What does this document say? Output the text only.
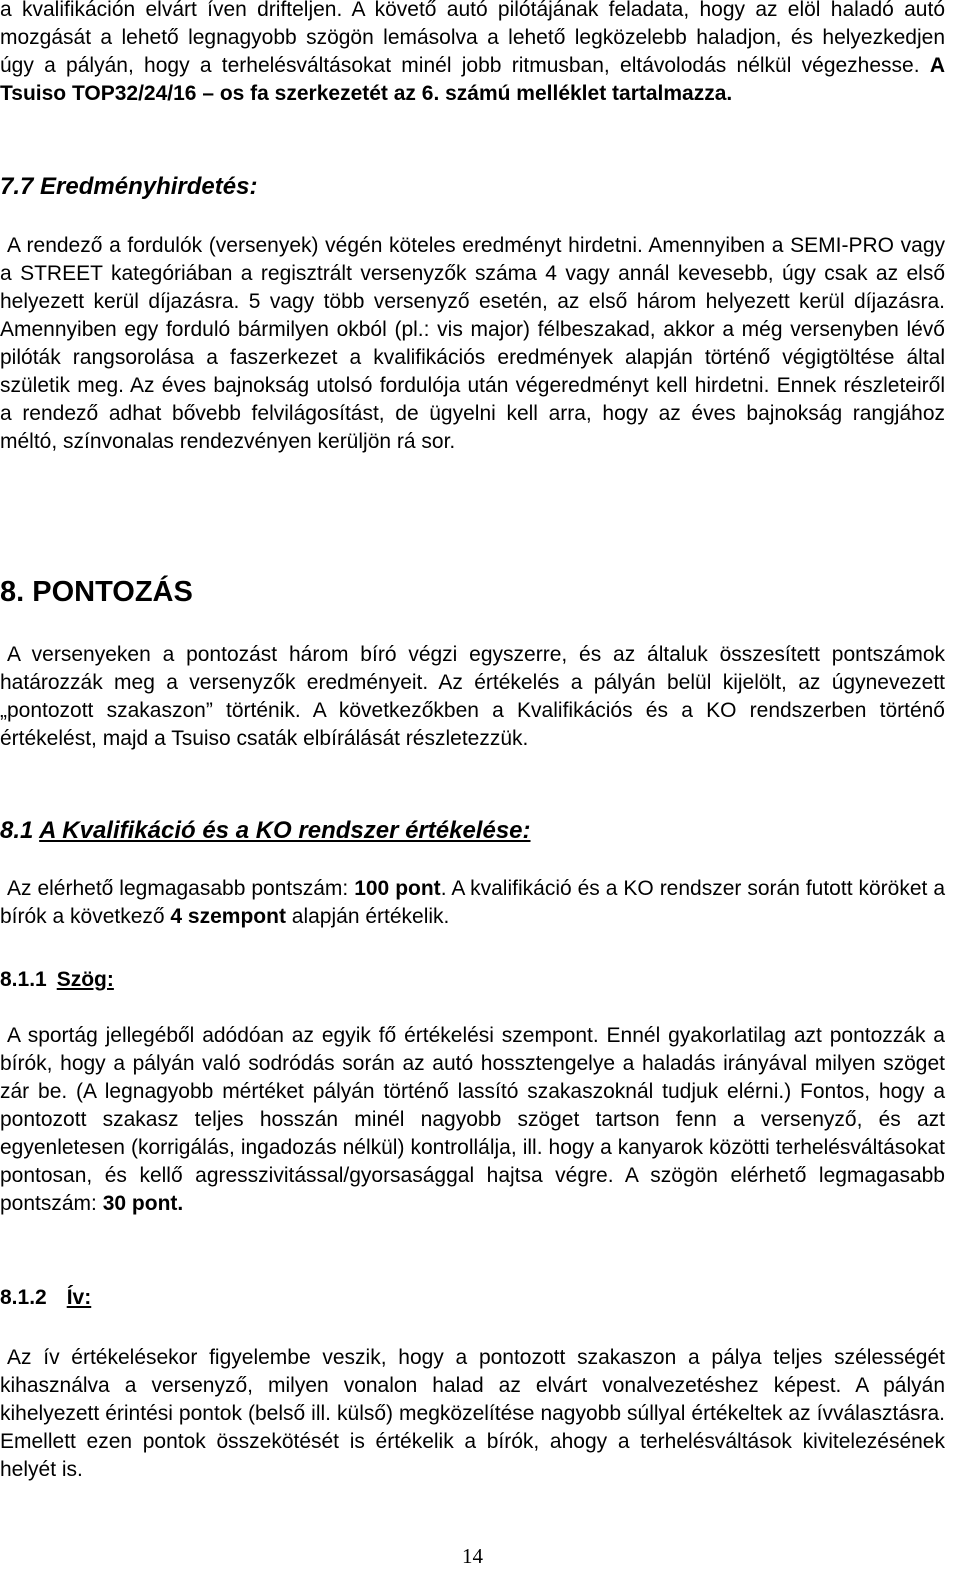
a kvalifikáción elvárt íven drifteljen. A követő autó pilótájának feladata, hogy az elöl haladó autó mozgását a lehető legnagyobb szögön lemásolva a lehető legközelebb haladjon, és helyezkedjen úgy a pályán, hogy a terhelésváltásokat minél jobb ritmusban, eltávolodás nélkül végezhesse. A Tsuiso TOP32/24/16 – os fa szerkezetét az 6. számú melléklet tartalmazza.

7.7 Eredményhirdetés:

A rendező a fordulók (versenyek) végén köteles eredményt hirdetni. Amennyiben a SEMI-PRO vagy a STREET kategóriában a regisztrált versenyzők száma 4 vagy annál kevesebb, úgy csak az első helyezett kerül díjazásra. 5 vagy több versenyző esetén, az első három helyezett kerül díjazásra. Amennyiben egy forduló bármilyen okból (pl.: vis major) félbeszakad, akkor a még versenyben lévő pilóták rangsorolása a faszerkezet a kvalifikációs eredmények alapján történő végigtöltése által születik meg. Az éves bajnokság utolsó fordulója után végeredményt kell hirdetni. Ennek részleteiről a rendező adhat bővebb felvilágosítást, de ügyelni kell arra, hogy az éves bajnokság rangjához méltó, színvonalas rendezvényen kerüljön rá sor.

8. PONTOZÁS

A versenyeken a pontozást három bíró végzi egyszerre, és az általuk összesített pontszámok határozzák meg a versenyzők eredményeit. Az értékelés a pályán belül kijelölt, az úgynevezett „pontozott szakaszon” történik. A következőkben a Kvalifikációs és a KO rendszerben történő értékelést, majd a Tsuiso csaták elbírálását részletezzük.

8.1 A Kvalifikáció és a KO rendszer értékelése:

Az elérhető legmagasabb pontszám: 100 pont. A kvalifikáció és a KO rendszer során futott köröket a bírók a következő 4 szempont alapján értékelik.

8.1.1 Szög:

A sportág jellegéből adódóan az egyik fő értékelési szempont. Ennél gyakorlatilag azt pontozzák a bírók, hogy a pályán való sodródás során az autó hossztengelye a haladás irányával milyen szöget zár be. (A legnagyobb mértéket pályán történő lassító szakaszoknál tudjuk elérni.) Fontos, hogy a pontozott szakasz teljes hosszán minél nagyobb szöget tartson fenn a versenyző, és azt egyenletesen (korrigálás, ingadozás nélkül) kontrollálja, ill. hogy a kanyarok közötti terhelésváltásokat pontosan, és kellő agresszivitással/gyorsasággal hajtsa végre. A szögön elérhető legmagasabb pontszám: 30 pont.

8.1.2 Ív:

Az ív értékelésekor figyelembe veszik, hogy a pontozott szakaszon a pálya teljes szélességét kihasználva a versenyző, milyen vonalon halad az elvárt vonalvezetéshez képest. A pályán kihelyezett érintési pontok (belső ill. külső) megközelítése nagyobb súllyal értékeltek az ívválasztásra. Emellett ezen pontok összekötését is értékelik a bírók, ahogy a terhelésváltások kivitelezésének helyét is.

14
